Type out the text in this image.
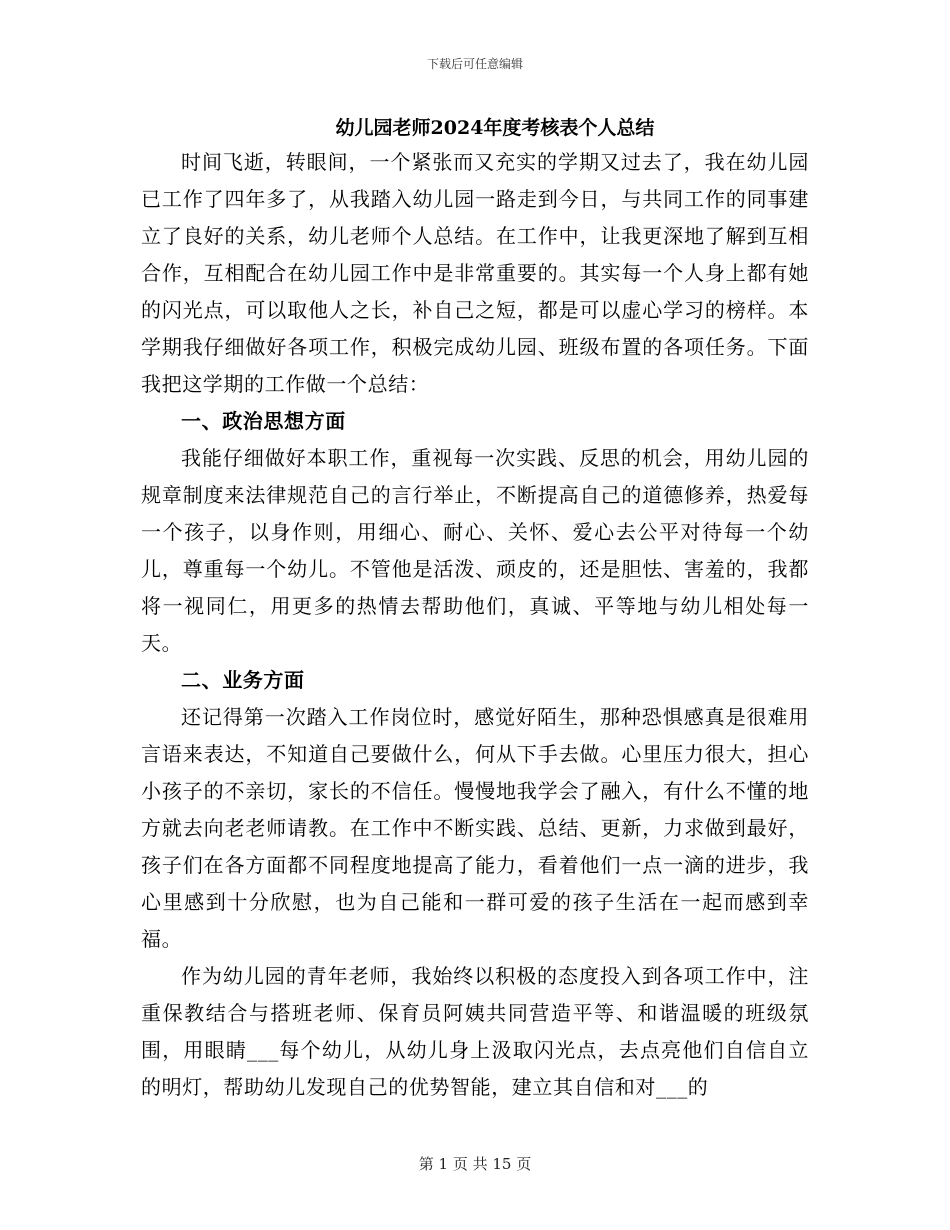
下载后可任意编辑
幼儿园老师2024年度考核表个人总结

时间飞逝，转眼间，一个紧张而又充实的学期又过去了，我在幼儿园已工作了四年多了，从我踏入幼儿园一路走到今日，与共同工作的同事建立了良好的关系，幼儿老师个人总结。在工作中，让我更深地了解到互相合作，互相配合在幼儿园工作中是非常重要的。其实每一个人身上都有她的闪光点，可以取他人之长，补自己之短，都是可以虚心学习的榜样。本学期我仔细做好各项工作，积极完成幼儿园、班级布置的各项任务。下面我把这学期的工作做一个总结：

一、政治思想方面

我能仔细做好本职工作，重视每一次实践、反思的机会，用幼儿园的规章制度来法律规范自己的言行举止，不断提高自己的道德修养，热爱每一个孩子，以身作则，用细心、耐心、关怀、爱心去公平对待每一个幼儿，尊重每一个幼儿。不管他是活泼、顽皮的，还是胆怯、害羞的，我都将一视同仁，用更多的热情去帮助他们，真诚、平等地与幼儿相处每一天。

二、业务方面

还记得第一次踏入工作岗位时，感觉好陌生，那种恐惧感真是很难用言语来表达，不知道自己要做什么，何从下手去做。心里压力很大，担心小孩子的不亲切，家长的不信任。慢慢地我学会了融入，有什么不懂的地方就去向老老师请教。在工作中不断实践、总结、更新，力求做到最好，孩子们在各方面都不同程度地提高了能力，看着他们一点一滴的进步，我心里感到十分欣慰，也为自己能和一群可爱的孩子生活在一起而感到幸福。

作为幼儿园的青年老师，我始终以积极的态度投入到各项工作中，注重保教结合与搭班老师、保育员阿姨共同营造平等、和谐温暖的班级氛围，用眼睛___每个幼儿，从幼儿身上汲取闪光点，去点亮他们自信自立的明灯，帮助幼儿发现自己的优势智能，建立其自信和对___的

第 1 页 共 15 页
